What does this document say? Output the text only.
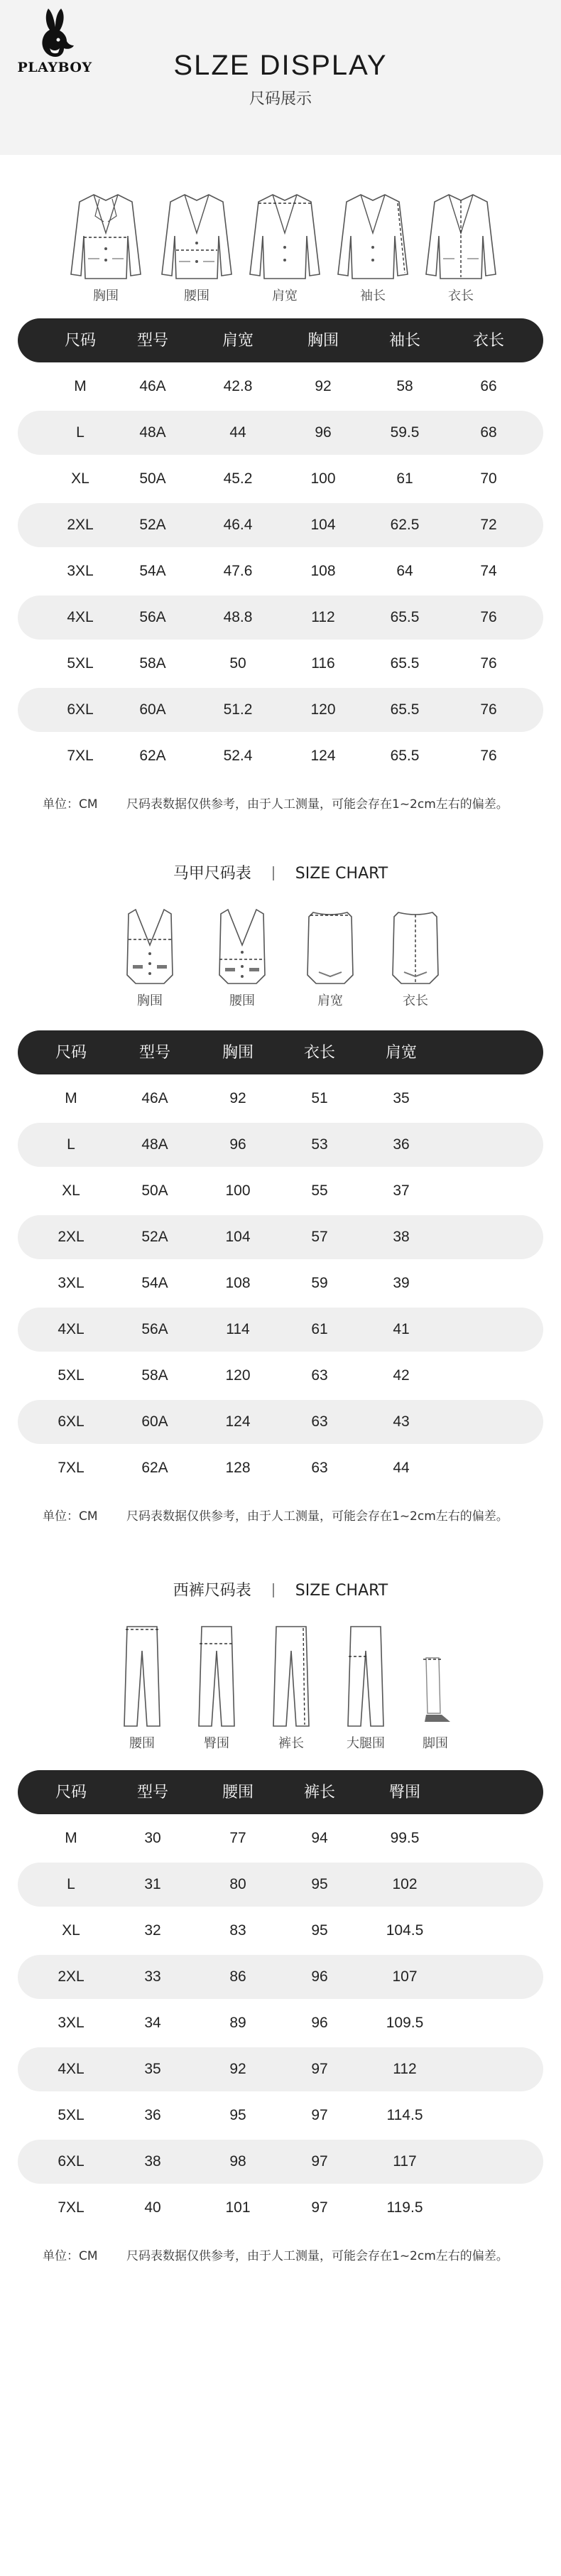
PLAYBOY	SLZE DISPLAY
尺码展示
胸围	腰围	肩宽	袖长	衣长
尺码	型号	肩宽	胸围	袖长	衣长
M	46A	42.8	92	58	66
L	48A	44	96	59.5	68
XL	50A	45.2	100	61	70
2XL	52A	46.4	104	62.5	72
3XL	54A	47.6	108	64	74
4XL	56A	48.8	112	65.5	76
5XL	58A	50	116	65.5	76
6XL	60A	51.2	120	65.5	76
7XL	62A	52.4	124	65.5	76
单位：CM 尺码表数据仅供参考，由于人工测量，可能会存在1~2cm左右的偏差。
马甲尺码表	SIZE CHART
胸围	腰围	肩宽	衣长
尺码	型号	胸围	衣长	肩宽
M	46A	92	51	35
L	48A	96	53	36
XL	50A	100	55	37
2XL	52A	104	57	38
3XL	54A	108	59	39
4XL	56A	114	61	41
5XL	58A	120	63	42
6XL	60A	124	63	43
7XL	62A	128	63	44
单位：CM 尺码表数据仅供参考，由于人工测量，可能会存在1~2cm左右的偏差。
西裤尺码表	SIZE CHART
腰围	臀围	裤长	大腿围	脚围
尺码	型号	腰围	裤长	臀围
M	30	77	94	99.5
L	31	80	95	102
XL	32	83	95	104.5
2XL	33	86	96	107
3XL	34	89	96	109.5
4XL	35	92	97	112
5XL	36	95	97	114.5
6XL	38	98	97	117
7XL	40	101	97	119.5
单位：CM 尺码表数据仅供参考，由于人工测量，可能会存在1~2cm左右的偏差。
